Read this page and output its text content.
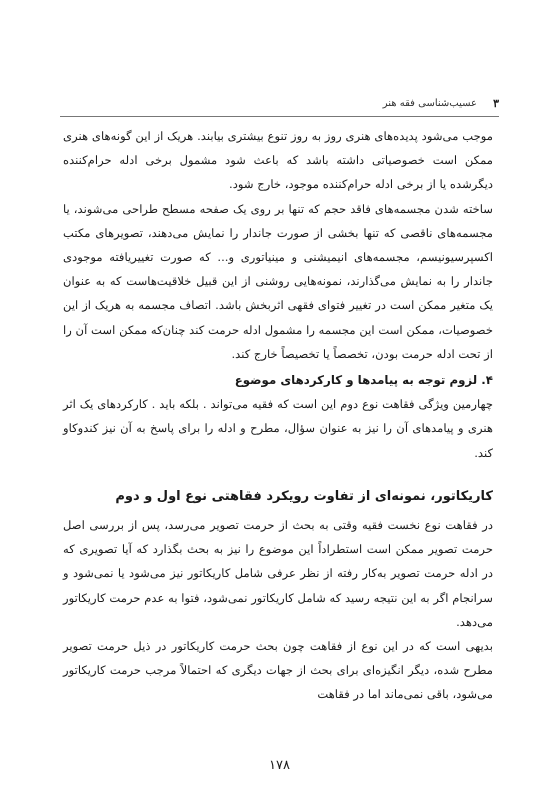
۳
عسیب‌شناسی فقه هنر

موجب می‌شود پدیده‌های هنری روز به روز تنوع بیشتری بیابند. هریک از این گونه‌های هنری ممکن است خصوصیاتی داشته باشد که باعث شود مشمول برخی ادله حرام‌کننده دیگرشده یا از برخی ادله حرام‌کننده موجود، خارج شود.

ساخته شدن مجسمه‌های فاقد حجم که تنها بر روی یک صفحه مسطح طراحی می‌شوند، یا مجسمه‌های ناقصی که تنها بخشی از صورت جاندار را نمایش می‌دهند، تصویرهای مکتب اکسپرسیونیسم، مجسمه‌های انیمیشنی و مینیاتوری و... که صورت تغییریافته موجودی جاندار را به نمایش می‌گذارند، نمونه‌هایی روشنی از این قبیل خلاقیت‌هاست که به عنوان یک متغیر ممکن است در تغییر فتوای فقهی اثربخش باشد. اتصاف مجسمه به هریک از این خصوصیات، ممکن است این مجسمه را مشمول ادله حرمت کند چنان‌که ممکن است آن را از تحت ادله حرمت بودن، تخصصاً یا تخصیصاً خارج کند.

۴. لزوم توجه به پیامدها و کارکردهای موضوع

چهارمین ویژگی فقاهت نوع دوم این است که فقیه می‌تواند . بلکه باید . کارکردهای یک اثر هنری و پیامدهای آن را نیز به عنوان سؤال، مطرح و ادله را برای پاسخ به آن نیز کندوکاو کند.

کاریکاتور، نمونه‌ای از تفاوت رویکرد فقاهتی نوع اول و دوم

در فقاهت نوع نخست فقیه وقتی به بحث از حرمت تصویر می‌رسد، پس از بررسی اصل حرمت تصویر ممکن است استطراداً این موضوع را نیز به بحث بگذارد که آیا تصویری که در ادله حرمت تصویر به‌کار رفته از نظر عرفی شامل کاریکاتور نیز می‌شود یا نمی‌شود و سرانجام اگر به این نتیجه رسید که شامل کاریکاتور نمی‌شود، فتوا به عدم حرمت کاریکاتور می‌دهد.

بدیهی است که در این نوع از فقاهت چون بحث حرمت کاریکاتور در ذیل حرمت تصویر مطرح شده، دیگر انگیزه‌ای برای بحث از جهات دیگری که احتمالاً مرجب حرمت کاریکاتور می‌شود، باقی نمی‌ماند اما در فقاهت

۱۷۸
